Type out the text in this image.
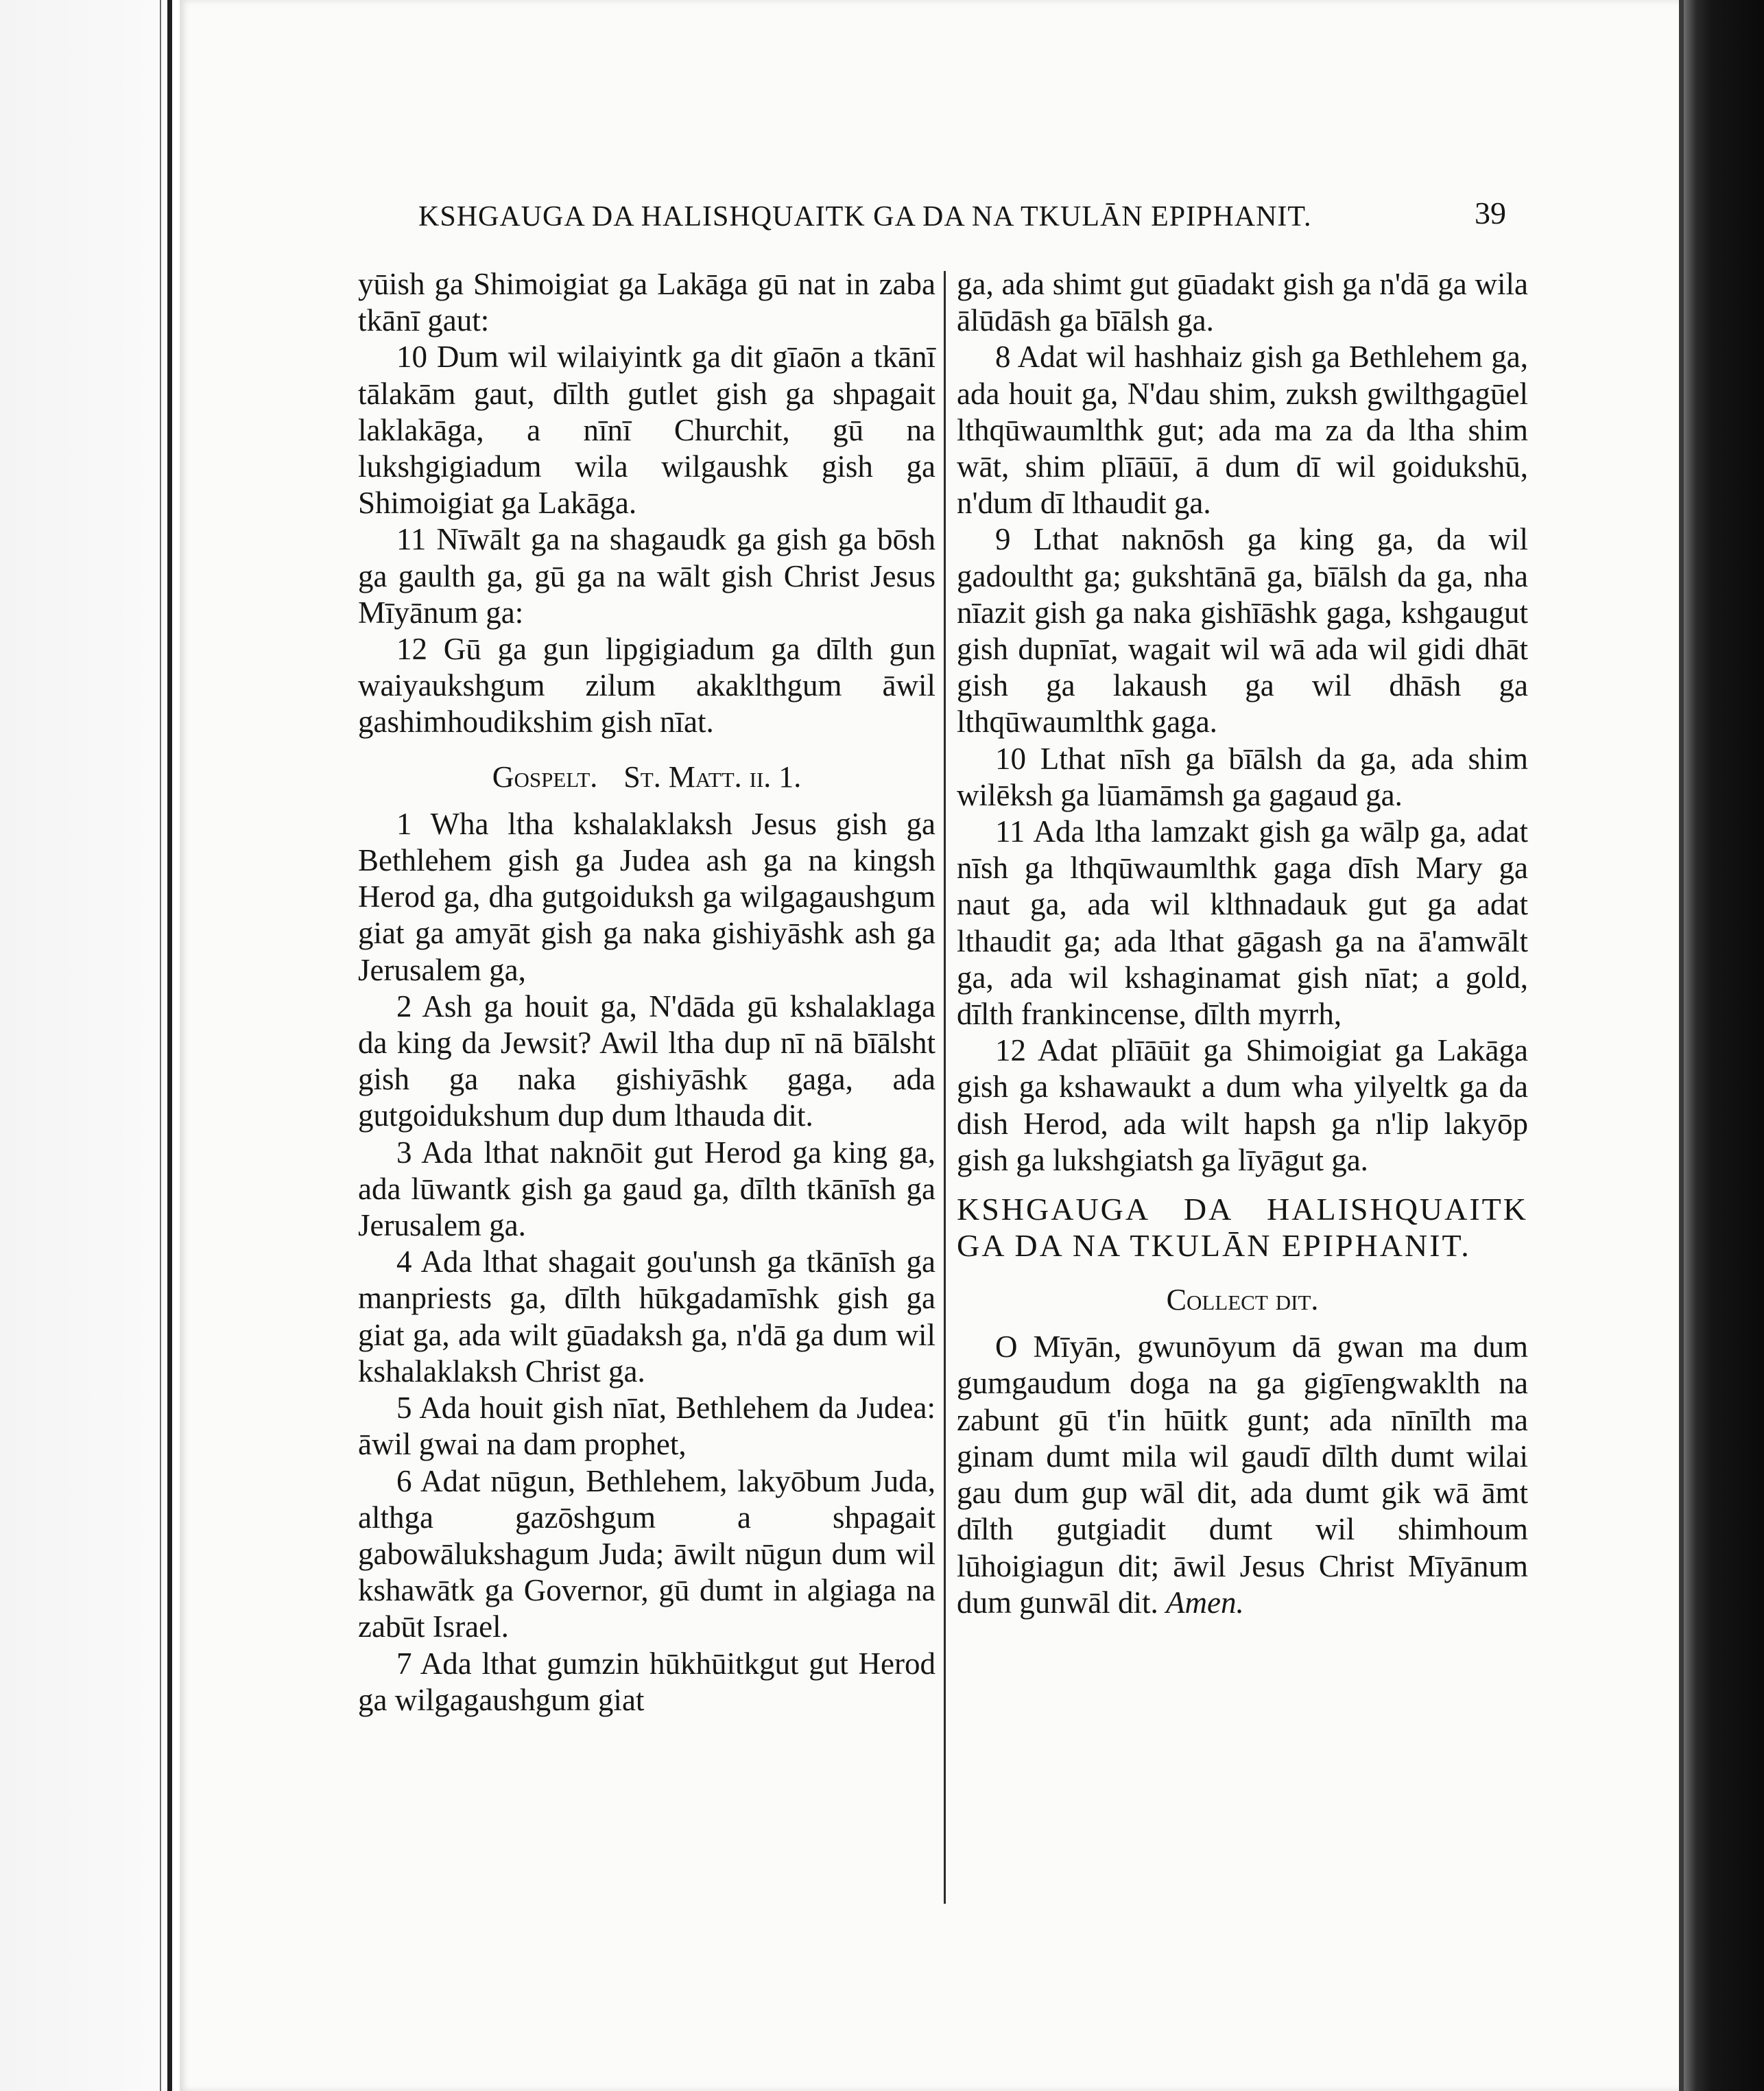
KSHGAUGA DA HALISHQUAITK GA DA NA TKULĀN EPIPHANIT.	39

yūish ga Shimoigiat ga Lakāga gū nat in zaba tkānī gaut:

10 Dum wil wilaiyintk ga dit gīaōn a tkānī tālakām gaut, dīlth gutlet gish ga shpagait laklakāga, a nīnī Churchit, gū na lukshgigiadum wila wilgaushk gish ga Shimoigiat ga Lakāga.

11 Nīwālt ga na shagaudk ga gish ga bōsh ga gaulth ga, gū ga na wālt gish Christ Jesus Mīyānum ga:

12 Gū ga gun lipgigiadum ga dīlth gun waiyaukshgum zilum akaklthgum āwil gashimhoudikshim gish nīat.

Gospelt. St. Matt. ii. 1.

1 Wha ltha kshalaklaksh Jesus gish ga Bethlehem gish ga Judea ash ga na kingsh Herod ga, dha gutgoiduksh ga wilgagaushgum giat ga amyāt gish ga naka gishiyāshk ash ga Jerusalem ga,

2 Ash ga houit ga, N'dāda gū kshalaklaga da king da Jewsit? Awil ltha dup nī nā bīālsht gish ga naka gishiyāshk gaga, ada gutgoidukshum dup dum lthauda dit.

3 Ada lthat naknōit gut Herod ga king ga, ada lūwantk gish ga gaud ga, dīlth tkānīsh ga Jerusalem ga.

4 Ada lthat shagait gou'unsh ga tkānīsh ga manpriests ga, dīlth hūkgadamīshk gish ga giat ga, ada wilt gūadaksh ga, n'dā ga dum wil kshalaklaksh Christ ga.

5 Ada houit gish nīat, Bethlehem da Judea: āwil gwai na dam prophet,

6 Adat nūgun, Bethlehem, lakyōbum Juda, althga gazōshgum a shpagait gabowālukshagum Juda; āwilt nūgun dum wil kshawātk ga Governor, gū dumt in algiaga na zabūt Israel.

7 Ada lthat gumzin hūkhūitkgut gut Herod ga wilgagaushgum giat

ga, ada shimt gut gūadakt gish ga n'dā ga wila ālūdāsh ga bīālsh ga.

8 Adat wil hashhaiz gish ga Bethlehem ga, ada houit ga, N'dau shim, zuksh gwilthgagūel lthqūwaumlthk gut; ada ma za da ltha shim wāt, shim plīāūī, ā dum dī wil goidukshū, n'dum dī lthaudit ga.

9 Lthat naknōsh ga king ga, da wil gadoultht ga; gukshtānā ga, bīālsh da ga, nha nīazit gish ga naka gishīāshk gaga, kshgaugut gish dupnīat, wagait wil wā ada wil gidi dhāt gish ga lakaush ga wil dhāsh ga lthqūwaumlthk gaga.

10 Lthat nīsh ga bīālsh da ga, ada shim wilēksh ga lūamāmsh ga gagaud ga.

11 Ada ltha lamzakt gish ga wālp ga, adat nīsh ga lthqūwaumlthk gaga dīsh Mary ga naut ga, ada wil klthnadauk gut ga adat lthaudit ga; ada lthat gāgash ga na ā'amwālt ga, ada wil kshaginamat gish nīat; a gold, dīlth frankincense, dīlth myrrh,

12 Adat plīāūit ga Shimoigiat ga Lakāga gish ga kshawaukt a dum wha yilyeltk ga da dish Herod, ada wilt hapsh ga n'lip lakyōp gish ga lukshgiatsh ga līyāgut ga.

KSHGAUGA DA HALISHQUAITK GA DA NA TKULĀN EPIPHANIT.
Collect dit.

O Mīyān, gwunōyum dā gwan ma dum gumgaudum doga na ga gigīengwaklth na zabunt gū t'in hūitk gunt; ada nīnīlth ma ginam dumt mila wil gaudī dīlth dumt wilai gau dum gup wāl dit, ada dumt gik wā āmt dīlth gutgiadit dumt wil shimhoum lūhoigiagun dit; āwil Jesus Christ Mīyānum dum gunwāl dit. Amen.
